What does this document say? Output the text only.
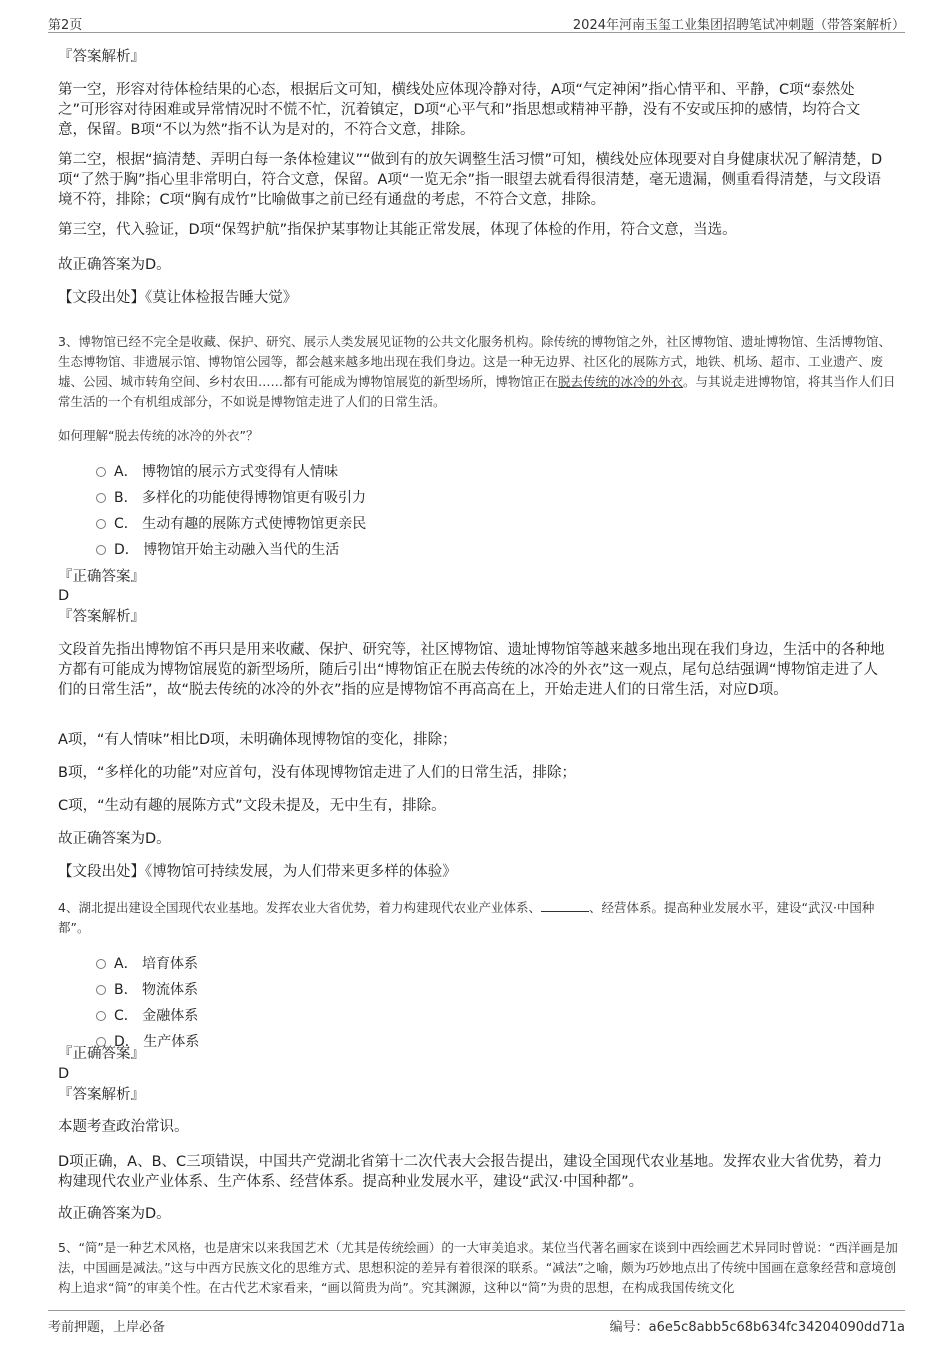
第2页	2024年河南玉玺工业集团招聘笔试冲刺题（带答案解析）
『答案解析』
第一空，形容对待体检结果的心态，根据后文可知，横线处应体现冷静对待，A项“气定神闲”指心情平和、平静，C项“泰然处之”可形容对待困难或异常情况时不慌不忙，沉着镇定，D项“心平气和”指思想或精神平静，没有不安或压抑的感情，均符合文意，保留。B项“不以为然”指不认为是对的，不符合文意，排除。
第二空，根据“搞清楚、弄明白每一条体检建议”“做到有的放矢调整生活习惯”可知，横线处应体现要对自身健康状况了解清楚，D项“了然于胸”指心里非常明白，符合文意，保留。A项“一览无余”指一眼望去就看得很清楚，毫无遗漏，侧重看得清楚，与文段语境不符，排除；C项“胸有成竹”比喻做事之前已经有通盘的考虑，不符合文意，排除。
第三空，代入验证，D项“保驾护航”指保护某事物让其能正常发展，体现了体检的作用，符合文意，当选。
故正确答案为D。
【文段出处】《莫让体检报告睡大觉》
3、博物馆已经不完全是收藏、保护、研究、展示人类发展见证物的公共文化服务机构。除传统的博物馆之外，社区博物馆、遗址博物馆、生活博物馆、生态博物馆、非遗展示馆、博物馆公园等，都会越来越多地出现在我们身边。这是一种无边界、社区化的展陈方式，地铁、机场、超市、工业遗产、废墟、公园、城市转角空间、乡村农田……都有可能成为博物馆展览的新型场所，博物馆正在脱去传统的冰冷的外衣。与其说走进博物馆，将其当作人们日常生活的一个有机组成部分，不如说是博物馆走进了人们的日常生活。
如何理解“脱去传统的冰冷的外衣”？
A． 博物馆的展示方式变得有人情味
B． 多样化的功能使得博物馆更有吸引力
C． 生动有趣的展陈方式使博物馆更亲民
D． 博物馆开始主动融入当代的生活
『正确答案』
D
『答案解析』
文段首先指出博物馆不再只是用来收藏、保护、研究等，社区博物馆、遗址博物馆等越来越多地出现在我们身边，生活中的各种地方都有可能成为博物馆展览的新型场所，随后引出“博物馆正在脱去传统的冰冷的外衣”这一观点，尾句总结强调“博物馆走进了人们的日常生活”，故“脱去传统的冰冷的外衣”指的应是博物馆不再高高在上，开始走进人们的日常生活，对应D项。
A项，“有人情味”相比D项，未明确体现博物馆的变化，排除；
B项，“多样化的功能”对应首句，没有体现博物馆走进了人们的日常生活，排除；
C项，“生动有趣的展陈方式”文段未提及，无中生有，排除。
故正确答案为D。
【文段出处】《博物馆可持续发展，为人们带来更多样的体验》
4、湖北提出建设全国现代农业基地。发挥农业大省优势，着力构建现代农业产业体系、	、经营体系。提高种业发展水平，建设“武汉·中国种都”。
A． 培育体系
B． 物流体系
C． 金融体系
D． 生产体系
『正确答案』
D
『答案解析』
本题考查政治常识。
D项正确，A、B、C三项错误，中国共产党湖北省第十二次代表大会报告提出，建设全国现代农业基地。发挥农业大省优势，着力构建现代农业产业体系、生产体系、经营体系。提高种业发展水平，建设“武汉·中国种都”。
故正确答案为D。
5、“简”是一种艺术风格，也是唐宋以来我国艺术（尤其是传统绘画）的一大审美追求。某位当代著名画家在谈到中西绘画艺术异同时曾说：“西洋画是加法，中国画是减法。”这与中西方民族文化的思维方式、思想积淀的差异有着很深的联系。“减法”之喻，颇为巧妙地点出了传统中国画在意象经营和意境创构上追求“简”的审美个性。在古代艺术家看来，“画以简贵为尚”。究其渊源，这种以“简”为贵的思想，在构成我国传统文化
考前押题，上岸必备	编号：a6e5c8abb5c68b634fc34204090dd71a
